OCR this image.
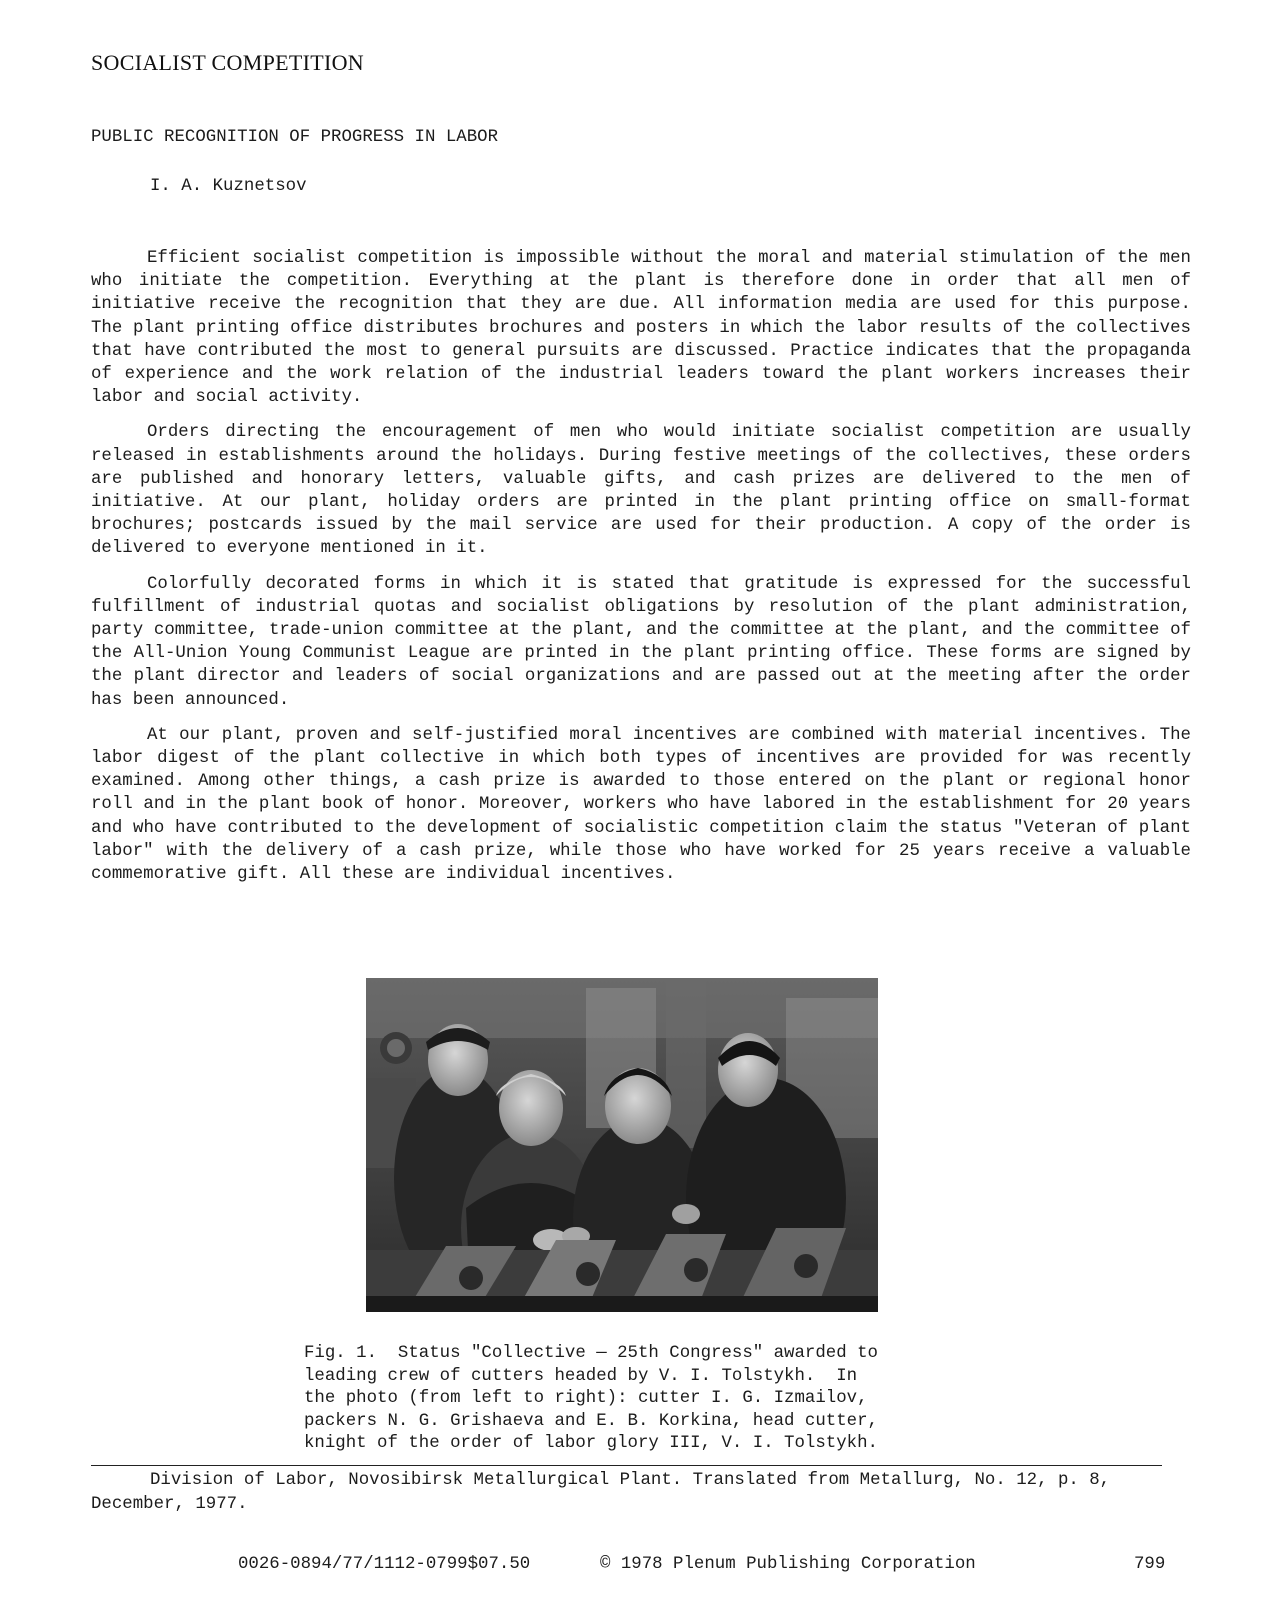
SOCIALIST COMPETITION
PUBLIC RECOGNITION OF PROGRESS IN LABOR
I. A. Kuznetsov

Efficient socialist competition is impossible without the moral and material stimulation of the men who initiate the competition. Everything at the plant is therefore done in order that all men of initiative receive the recognition that they are due. All information media are used for this purpose. The plant printing office distributes brochures and posters in which the labor results of the collectives that have contributed the most to general pursuits are discussed. Practice indicates that the propaganda of experience and the work relation of the industrial leaders toward the plant workers increases their labor and social activity.

Orders directing the encouragement of men who would initiate socialist competition are usually released in establishments around the holidays. During festive meetings of the collectives, these orders are published and honorary letters, valuable gifts, and cash prizes are delivered to the men of initiative. At our plant, holiday orders are printed in the plant printing office on small-format brochures; postcards issued by the mail service are used for their production. A copy of the order is delivered to everyone mentioned in it.

Colorfully decorated forms in which it is stated that gratitude is expressed for the successful fulfillment of industrial quotas and socialist obligations by resolution of the plant administration, party committee, trade-union committee at the plant, and the committee at the plant, and the committee of the All-Union Young Communist League are printed in the plant printing office. These forms are signed by the plant director and leaders of social organizations and are passed out at the meeting after the order has been announced.

At our plant, proven and self-justified moral incentives are combined with material incentives. The labor digest of the plant collective in which both types of incentives are provided for was recently examined. Among other things, a cash prize is awarded to those entered on the plant or regional honor roll and in the plant book of honor. Moreover, workers who have labored in the establishment for 20 years and who have contributed to the development of socialistic competition claim the status "Veteran of plant labor" with the delivery of a cash prize, while those who have worked for 25 years receive a valuable commemorative gift. All these are individual incentives.

Fig. 1.  Status "Collective — 25th Congress" awarded to
leading crew of cutters headed by V. I. Tolstykh.  In
the photo (from left to right): cutter I. G. Izmailov,
packers N. G. Grishaeva and E. B. Korkina, head cutter,
knight of the order of labor glory III, V. I. Tolstykh.

Division of Labor, Novosibirsk Metallurgical Plant. Translated from Metallurg, No. 12, p. 8, December, 1977.

0026-0894/77/1112-0799$07.50	© 1978 Plenum Publishing Corporation	799
